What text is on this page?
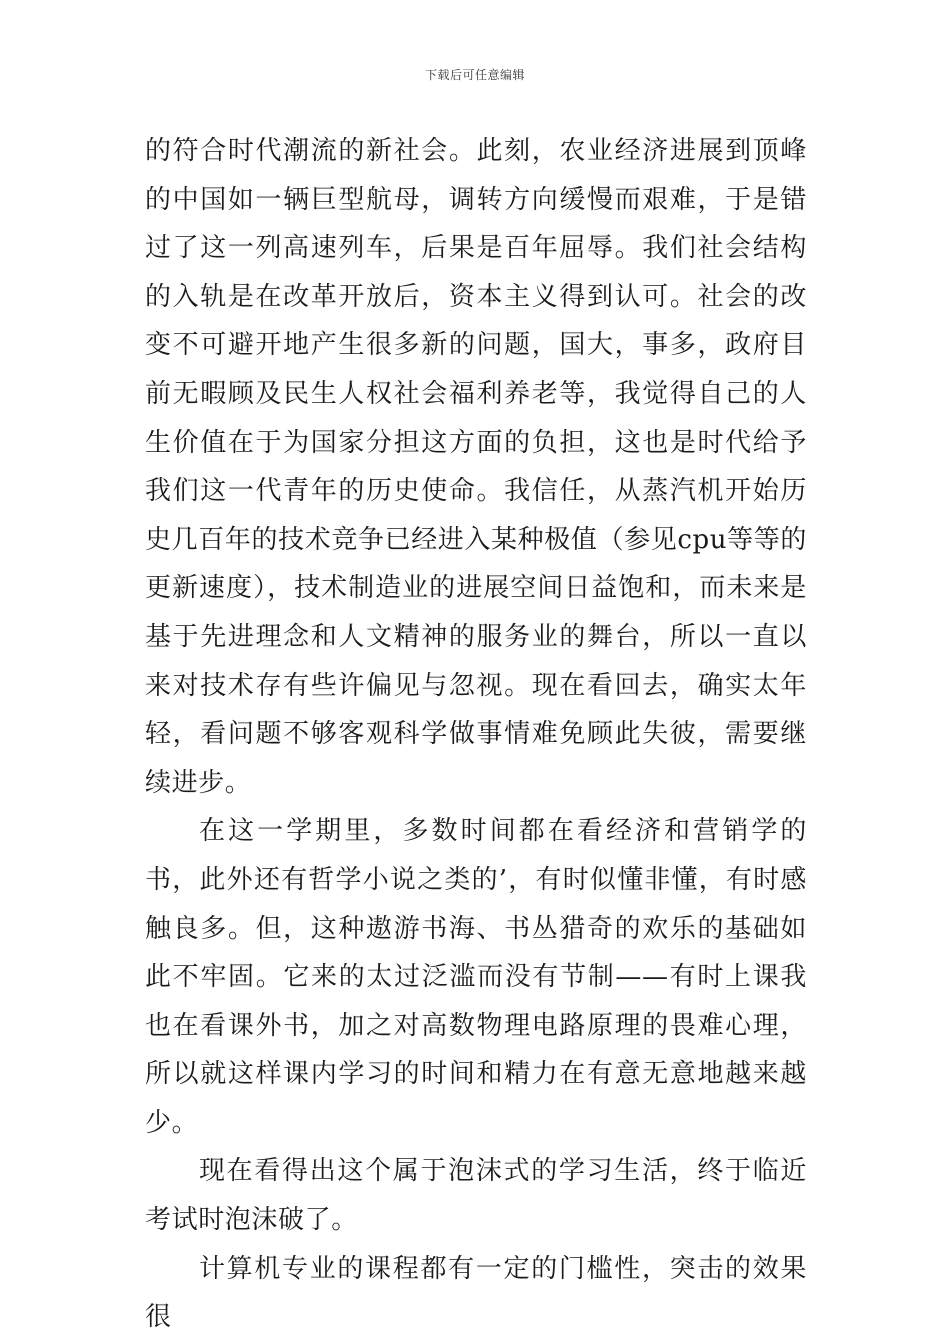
下载后可任意编辑

的符合时代潮流的新社会。此刻，农业经济进展到顶峰的中国如一辆巨型航母，调转方向缓慢而艰难，于是错过了这一列高速列车，后果是百年屈辱。我们社会结构的入轨是在改革开放后，资本主义得到认可。社会的改变不可避开地产生很多新的问题，国大，事多，政府目前无暇顾及民生人权社会福利养老等，我觉得自己的人生价值在于为国家分担这方面的负担，这也是时代给予我们这一代青年的历史使命。我信任，从蒸汽机开始历史几百年的技术竞争已经进入某种极值（参见cpu等等的更新速度），技术制造业的进展空间日益饱和，而未来是基于先进理念和人文精神的服务业的舞台，所以一直以来对技术存有些许偏见与忽视。现在看回去，确实太年轻，看问题不够客观科学做事情难免顾此失彼，需要继续进步。

在这一学期里，多数时间都在看经济和营销学的书，此外还有哲学小说之类的’，有时似懂非懂，有时感触良多。但，这种遨游书海、书丛猎奇的欢乐的基础如此不牢固。它来的太过泛滥而没有节制——有时上课我也在看课外书，加之对高数物理电路原理的畏难心理，所以就这样课内学习的时间和精力在有意无意地越来越少。

现在看得出这个属于泡沫式的学习生活，终于临近考试时泡沫破了。

计算机专业的课程都有一定的门槛性，突击的效果很
